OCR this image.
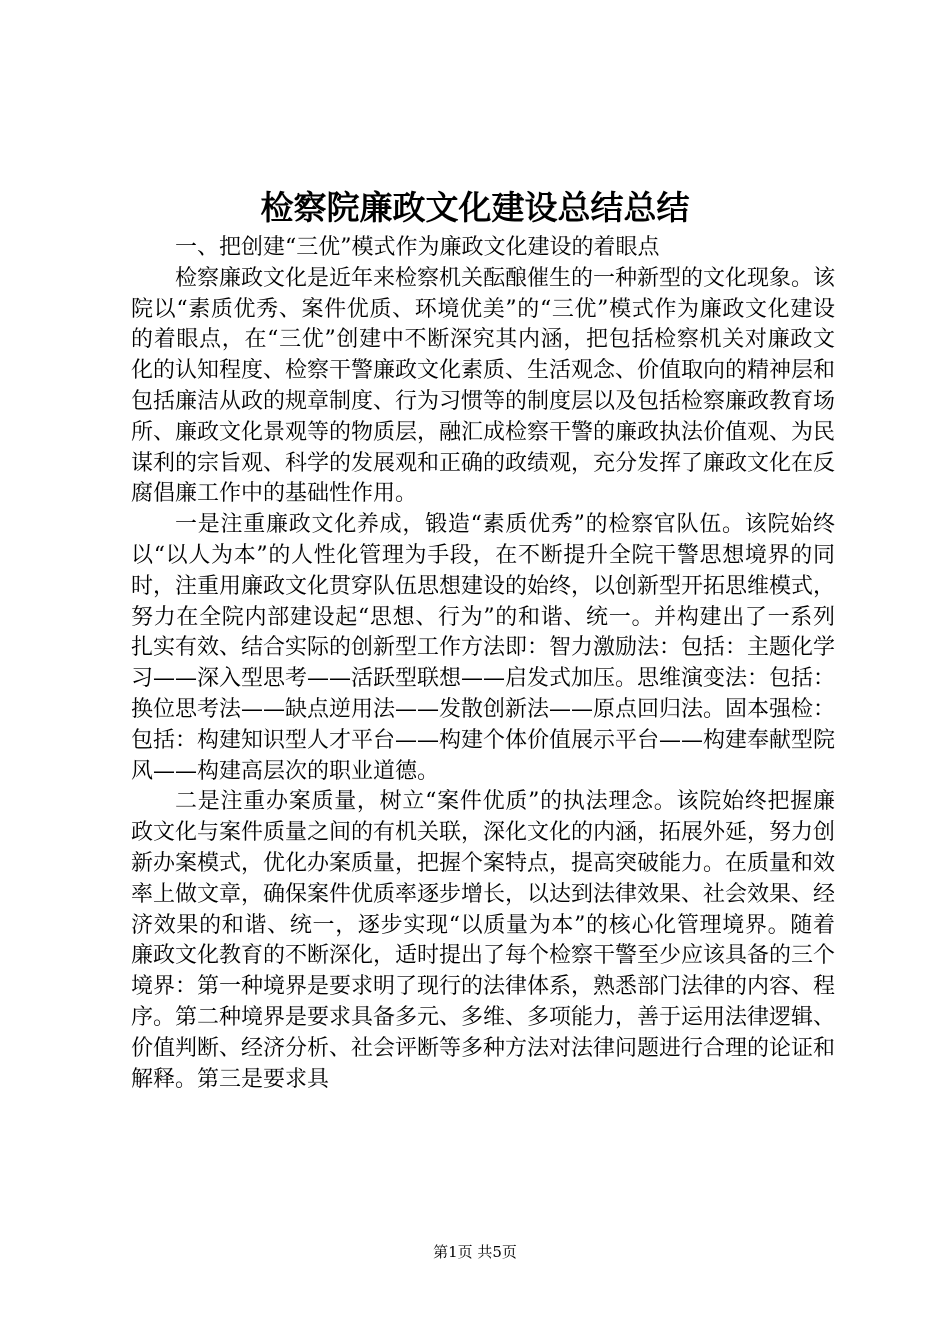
检察院廉政文化建设总结总结

一、把创建“三优”模式作为廉政文化建设的着眼点

检察廉政文化是近年来检察机关酝酿催生的一种新型的文化现象。该院以“素质优秀、案件优质、环境优美”的“三优”模式作为廉政文化建设的着眼点，在“三优”创建中不断深究其内涵，把包括检察机关对廉政文化的认知程度、检察干警廉政文化素质、生活观念、价值取向的精神层和包括廉洁从政的规章制度、行为习惯等的制度层以及包括检察廉政教育场所、廉政文化景观等的物质层，融汇成检察干警的廉政执法价值观、为民谋利的宗旨观、科学的发展观和正确的政绩观，充分发挥了廉政文化在反腐倡廉工作中的基础性作用。

一是注重廉政文化养成，锻造“素质优秀”的检察官队伍。该院始终以“以人为本”的人性化管理为手段，在不断提升全院干警思想境界的同时，注重用廉政文化贯穿队伍思想建设的始终，以创新型开拓思维模式，努力在全院内部建设起“思想、行为”的和谐、统一。并构建出了一系列扎实有效、结合实际的创新型工作方法即：智力激励法：包括：主题化学习——深入型思考——活跃型联想——启发式加压。思维演变法：包括：换位思考法——缺点逆用法——发散创新法——原点回归法。固本强检：包括：构建知识型人才平台——构建个体价值展示平台——构建奉献型院风——构建高层次的职业道德。

二是注重办案质量，树立“案件优质”的执法理念。该院始终把握廉政文化与案件质量之间的有机关联，深化文化的内涵，拓展外延，努力创新办案模式，优化办案质量，把握个案特点，提高突破能力。在质量和效率上做文章，确保案件优质率逐步增长，以达到法律效果、社会效果、经济效果的和谐、统一，逐步实现“以质量为本”的核心化管理境界。随着廉政文化教育的不断深化，适时提出了每个检察干警至少应该具备的三个境界：第一种境界是要求明了现行的法律体系，熟悉部门法律的内容、程序。第二种境界是要求具备多元、多维、多项能力，善于运用法律逻辑、价值判断、经济分析、社会评断等多种方法对法律问题进行合理的论证和解释。第三是要求具

第1页 共5页
